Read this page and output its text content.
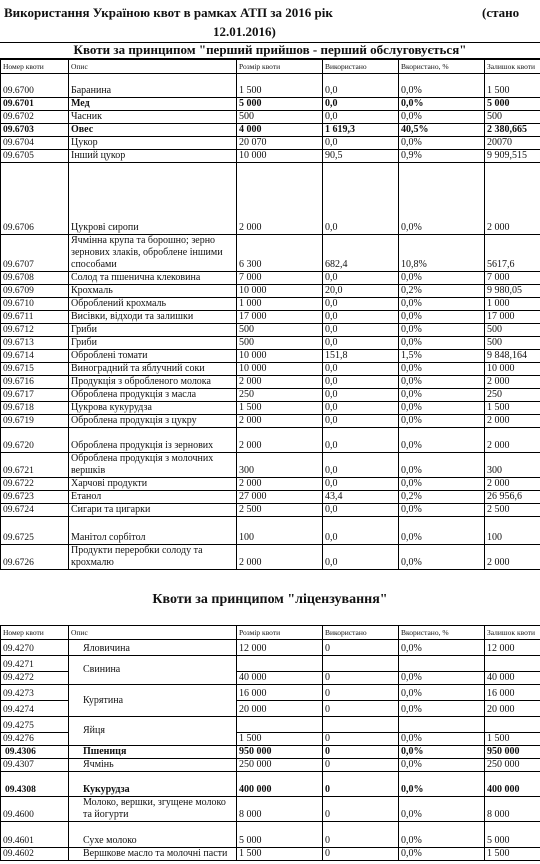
Використання Україною квот в рамках АТП за 2016 рік	(стано
12.01.2016)
Квоти за принципом "перший прийшов - перший обслуговується"
Номер квоти	Опис	Розмір квоти	Використано	Вкористано, %	Залишок квоти
09.6700	Баранина	1 500	0,0	0,0%	1 500
09.6701	Мед	5 000	0,0	0,0%	5 000
09.6702	Часник	500	0,0	0,0%	500
09.6703	Овес	4 000	1 619,3	40,5%	2 380,665
09.6704	Цукор	20 070	0,0	0,0%	20070
09.6705	Інший цукор	10 000	90,5	0,9%	9 909,515
09.6706	Цукрові сиропи	2 000	0,0	0,0%	2 000
09.6707	Ячмінна крупа та борошно; зерно зернових злаків, оброблене іншими способами	6 300	682,4	10,8%	5617,6
09.6708	Солод та пшенична клековина	7 000	0,0	0,0%	7 000
09.6709	Крохмаль	10 000	20,0	0,2%	9 980,05
09.6710	Оброблений крохмаль	1 000	0,0	0,0%	1 000
09.6711	Висівки, відходи та залишки	17 000	0,0	0,0%	17 000
09.6712	Гриби	500	0,0	0,0%	500
09.6713	Гриби	500	0,0	0,0%	500
09.6714	Оброблені томати	10 000	151,8	1,5%	9 848,164
09.6715	Виноградний та яблучний соки	10 000	0,0	0,0%	10 000
09.6716	Продукція з обробленого молока	2 000	0,0	0,0%	2 000
09.6717	Оброблена продукція з масла	250	0,0	0,0%	250
09.6718	Цукрова кукурудза	1 500	0,0	0,0%	1 500
09.6719	Оброблена продукція з цукру	2 000	0,0	0,0%	2 000
09.6720	Оброблена продукція із зернових	2 000	0,0	0,0%	2 000
09.6721	Оброблена продукція з молочних вершків	300	0,0	0,0%	300
09.6722	Харчові продукти	2 000	0,0	0,0%	2 000
09.6723	Етанол	27 000	43,4	0,2%	26 956,6
09.6724	Сигари та цигарки	2 500	0,0	0,0%	2 500
09.6725	Манітол сорбітол	100	0,0	0,0%	100
09.6726	Продукти переробки солоду та крохмалю	2 000	0,0	0,0%	2 000
Квоти за принципом "ліцензування"
Номер квоти	Опис	Розмір квоти	Використано	Вкористано, %	Залишок квоти
09.4270	Яловичина	12 000	0	0,0%	12 000
09.4271	Свинина				
09.4272		40 000	0	0,0%	40 000
09.4273	Курятина	16 000	0	0,0%	16 000
09.4274		20 000	0	0,0%	20 000
09.4275	Яйця				
09.4276		1 500	0	0,0%	1 500
09.4306	Пшениця	950 000	0	0,0%	950 000
09.4307	Ячмінь	250 000	0	0,0%	250 000
09.4308	Кукурудза	400 000	0	0,0%	400 000
09.4600	Молоко, вершки, згущене молоко та йогурти	8 000	0	0,0%	8 000
09.4601	Сухе молоко	5 000	0	0,0%	5 000
09.4602	Вершкове масло та молочні пасти	1 500	0	0,0%	1 500
